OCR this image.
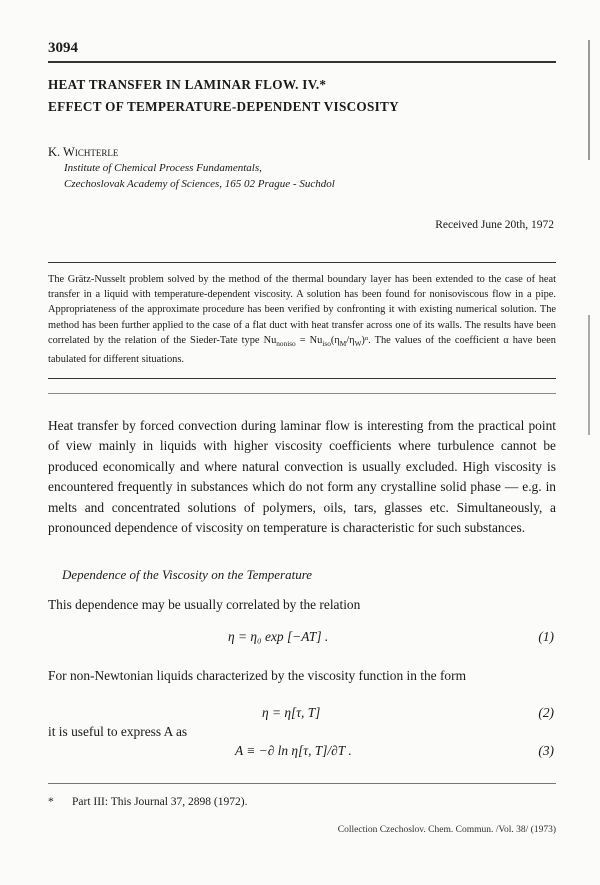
3094
HEAT TRANSFER IN LAMINAR FLOW. IV.*
EFFECT OF TEMPERATURE-DEPENDENT VISCOSITY
K. Wichterle
Institute of Chemical Process Fundamentals,
Czechoslovak Academy of Sciences, 165 02 Prague - Suchdol
Received June 20th, 1972
The Grätz-Nusselt problem solved by the method of the thermal boundary layer has been extended to the case of heat transfer in a liquid with temperature-dependent viscosity. A solution has been found for nonisoviscous flow in a pipe. Appropriateness of the approximate procedure has been verified by confronting it with existing numerical solution. The method has been further applied to the case of a flat duct with heat transfer across one of its walls. The results have been correlated by the relation of the Sieder-Tate type $Nu_{noniso}$ = $Nu_{iso}(\eta_M/\eta_W)ᵅ$. The values of the coefficient α have been tabulated for different situations.
Heat transfer by forced convection during laminar flow is interesting from the practical point of view mainly in liquids with higher viscosity coefficients where turbulence cannot be produced economically and where natural convection is usually excluded. High viscosity is encountered frequently in substances which do not form any crystalline solid phase — e.g. in melts and concentrated solutions of polymers, oils, tars, glasses etc. Simultaneously, a pronounced dependence of viscosity on temperature is characteristic for such substances.
Dependence of the Viscosity on the Temperature
This dependence may be usually correlated by the relation
η = η₀ exp [−AT] .	(1)
For non-Newtonian liquids characterized by the viscosity function in the form
η = η[τ, T]	(2)
it is useful to express A as
A ≡ −∂ ln η[τ, T]/∂T .	(3)
* Part III: This Journal 37, 2898 (1972).
Collection Czechoslov. Chem. Commun. /Vol. 38/ (1973)
